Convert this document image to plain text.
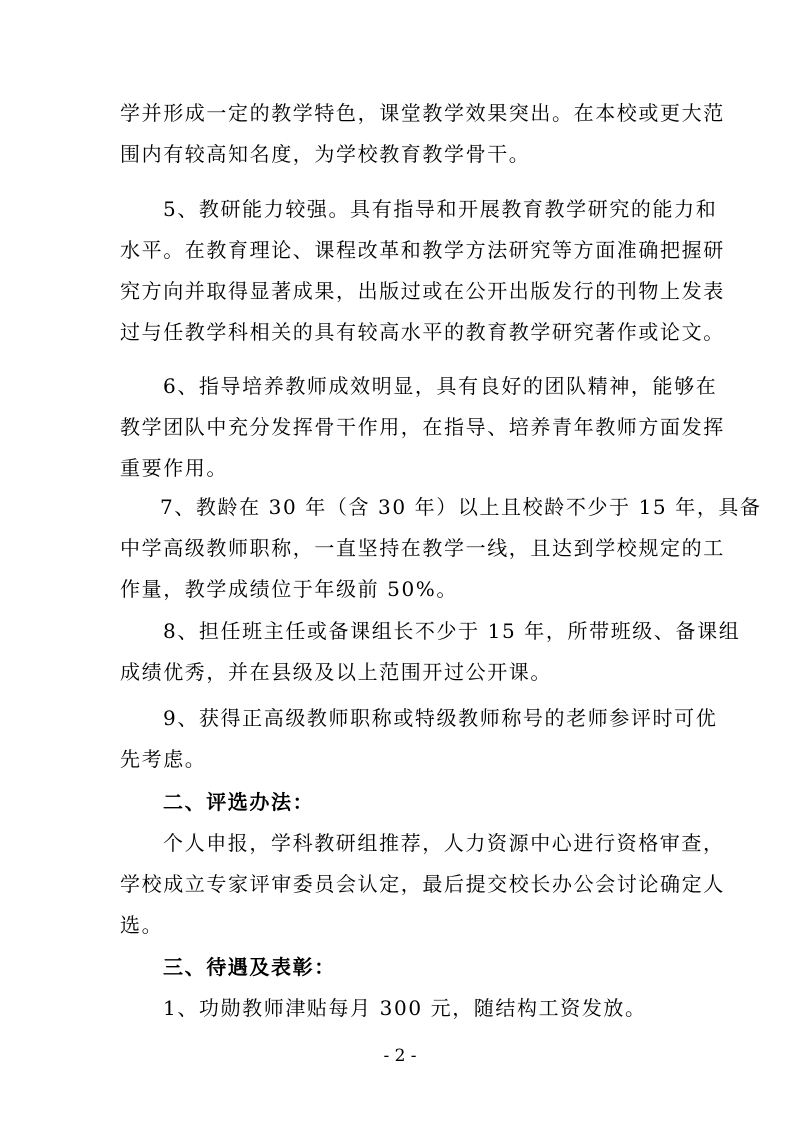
学并形成一定的教学特色，课堂教学效果突出。在本校或更大范
围内有较高知名度，为学校教育教学骨干。
5、教研能力较强。具有指导和开展教育教学研究的能力和
水平。在教育理论、课程改革和教学方法研究等方面准确把握研
究方向并取得显著成果，出版过或在公开出版发行的刊物上发表
过与任教学科相关的具有较高水平的教育教学研究著作或论文。
6、指导培养教师成效明显，具有良好的团队精神，能够在
教学团队中充分发挥骨干作用，在指导、培养青年教师方面发挥
重要作用。
7、教龄在 30 年（含 30 年）以上且校龄不少于 15 年，具备
中学高级教师职称，一直坚持在教学一线，且达到学校规定的工
作量，教学成绩位于年级前 50%。
8、担任班主任或备课组长不少于 15 年，所带班级、备课组
成绩优秀，并在县级及以上范围开过公开课。
9、获得正高级教师职称或特级教师称号的老师参评时可优
先考虑。
二、评选办法：
个人申报，学科教研组推荐，人力资源中心进行资格审查，
学校成立专家评审委员会认定，最后提交校长办公会讨论确定人
选。
三、待遇及表彰：
1、功勋教师津贴每月 300 元，随结构工资发放。
- 2 -
